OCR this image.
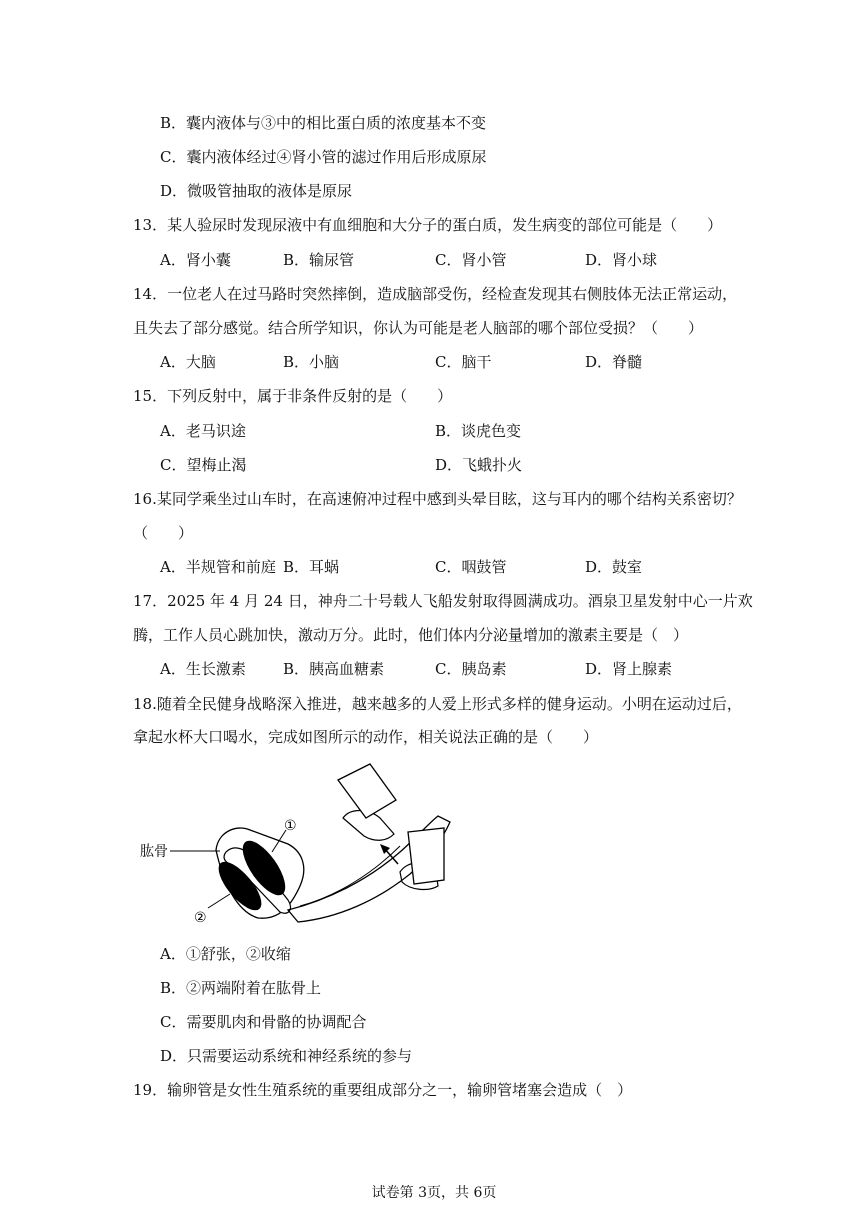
B．囊内液体与③中的相比蛋白质的浓度基本不变
C．囊内液体经过④肾小管的滤过作用后形成原尿
D．微吸管抽取的液体是原尿
13．某人验尿时发现尿液中有血细胞和大分子的蛋白质，发生病变的部位可能是（　　）
A．肾小囊	B．输尿管	C．肾小管	D．肾小球
14．一位老人在过马路时突然摔倒，造成脑部受伤，经检查发现其右侧肢体无法正常运动，
且失去了部分感觉。结合所学知识，你认为可能是老人脑部的哪个部位受损？（　　）
A．大脑	B．小脑	C．脑干	D．脊髓
15．下列反射中，属于非条件反射的是（　　）
A．老马识途	B．谈虎色变
C．望梅止渴	D．飞蛾扑火
16.某同学乘坐过山车时，在高速俯冲过程中感到头晕目眩，这与耳内的哪个结构关系密切？
（　　）
A．半规管和前庭 B．耳蜗	C．咽鼓管	D．鼓室
17．2025 年 4 月 24 日，神舟二十号载人飞船发射取得圆满成功。酒泉卫星发射中心一片欢
腾，工作人员心跳加快，激动万分。此时，他们体内分泌量增加的激素主要是（　）
A．生长激素 B．胰高血糖素	C．胰岛素	D．肾上腺素
18.随着全民健身战略深入推进，越来越多的人爱上形式多样的健身运动。小明在运动过后，
拿起水杯大口喝水，完成如图所示的动作，相关说法正确的是（　　）
肱骨
①
②
A．①舒张，②收缩
B．②两端附着在肱骨上
C．需要肌肉和骨骼的协调配合
D．只需要运动系统和神经系统的参与
19．输卵管是女性生殖系统的重要组成部分之一，输卵管堵塞会造成（　）
试卷第 3页，共 6页
